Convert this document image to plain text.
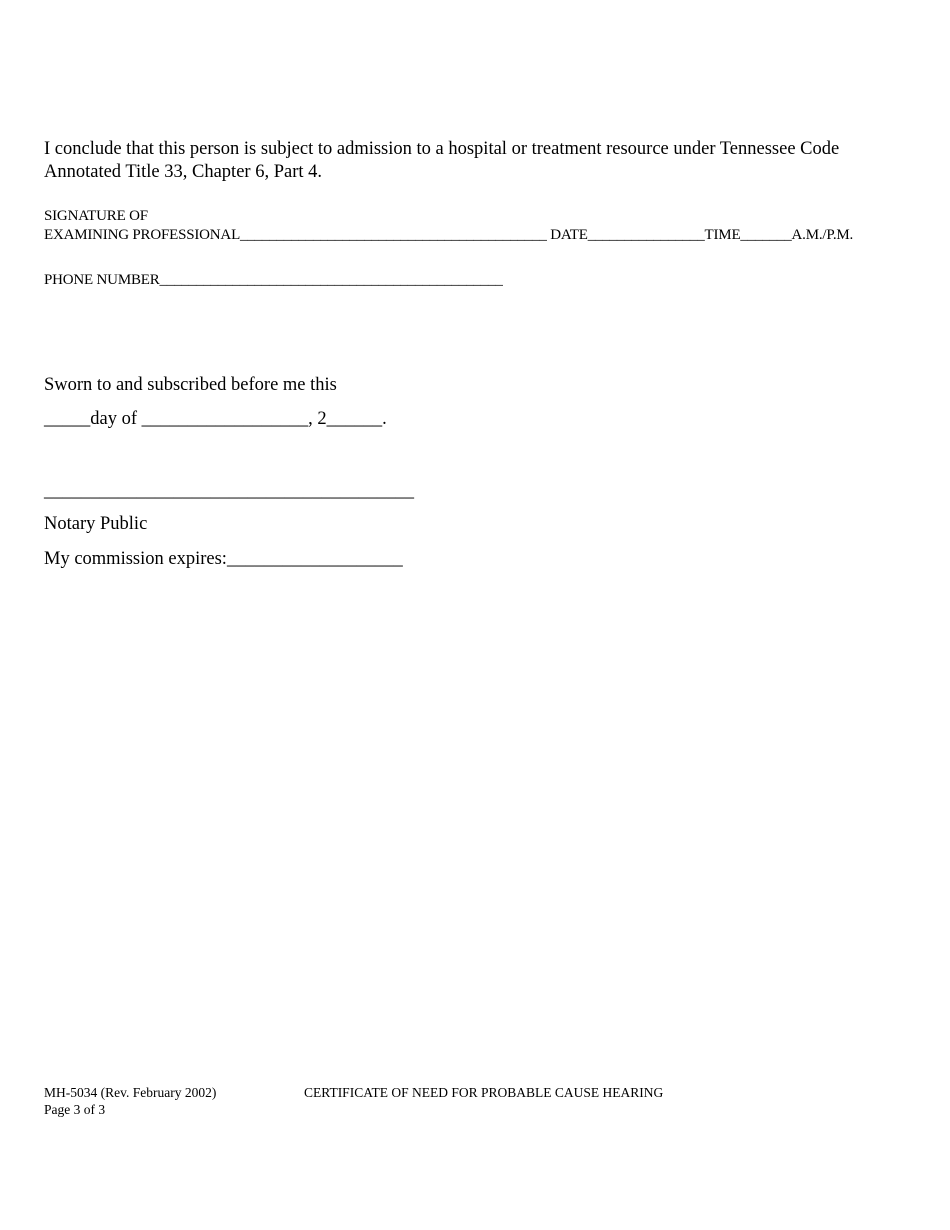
I conclude that this person is subject to admission to a hospital or treatment resource under Tennessee Code Annotated Title 33, Chapter 6, Part 4.
SIGNATURE OF
EXAMINING PROFESSIONAL__________________________________________ DATE________________TIME_______A.M./P.M.
PHONE NUMBER_______________________________________________
Sworn to and subscribed before me this
_____day of __________________, 2______.
________________________________________
Notary Public
My commission expires:___________________
MH-5034 (Rev. February 2002)	CERTIFICATE OF NEED FOR PROBABLE CAUSE HEARING
Page 3 of 3
